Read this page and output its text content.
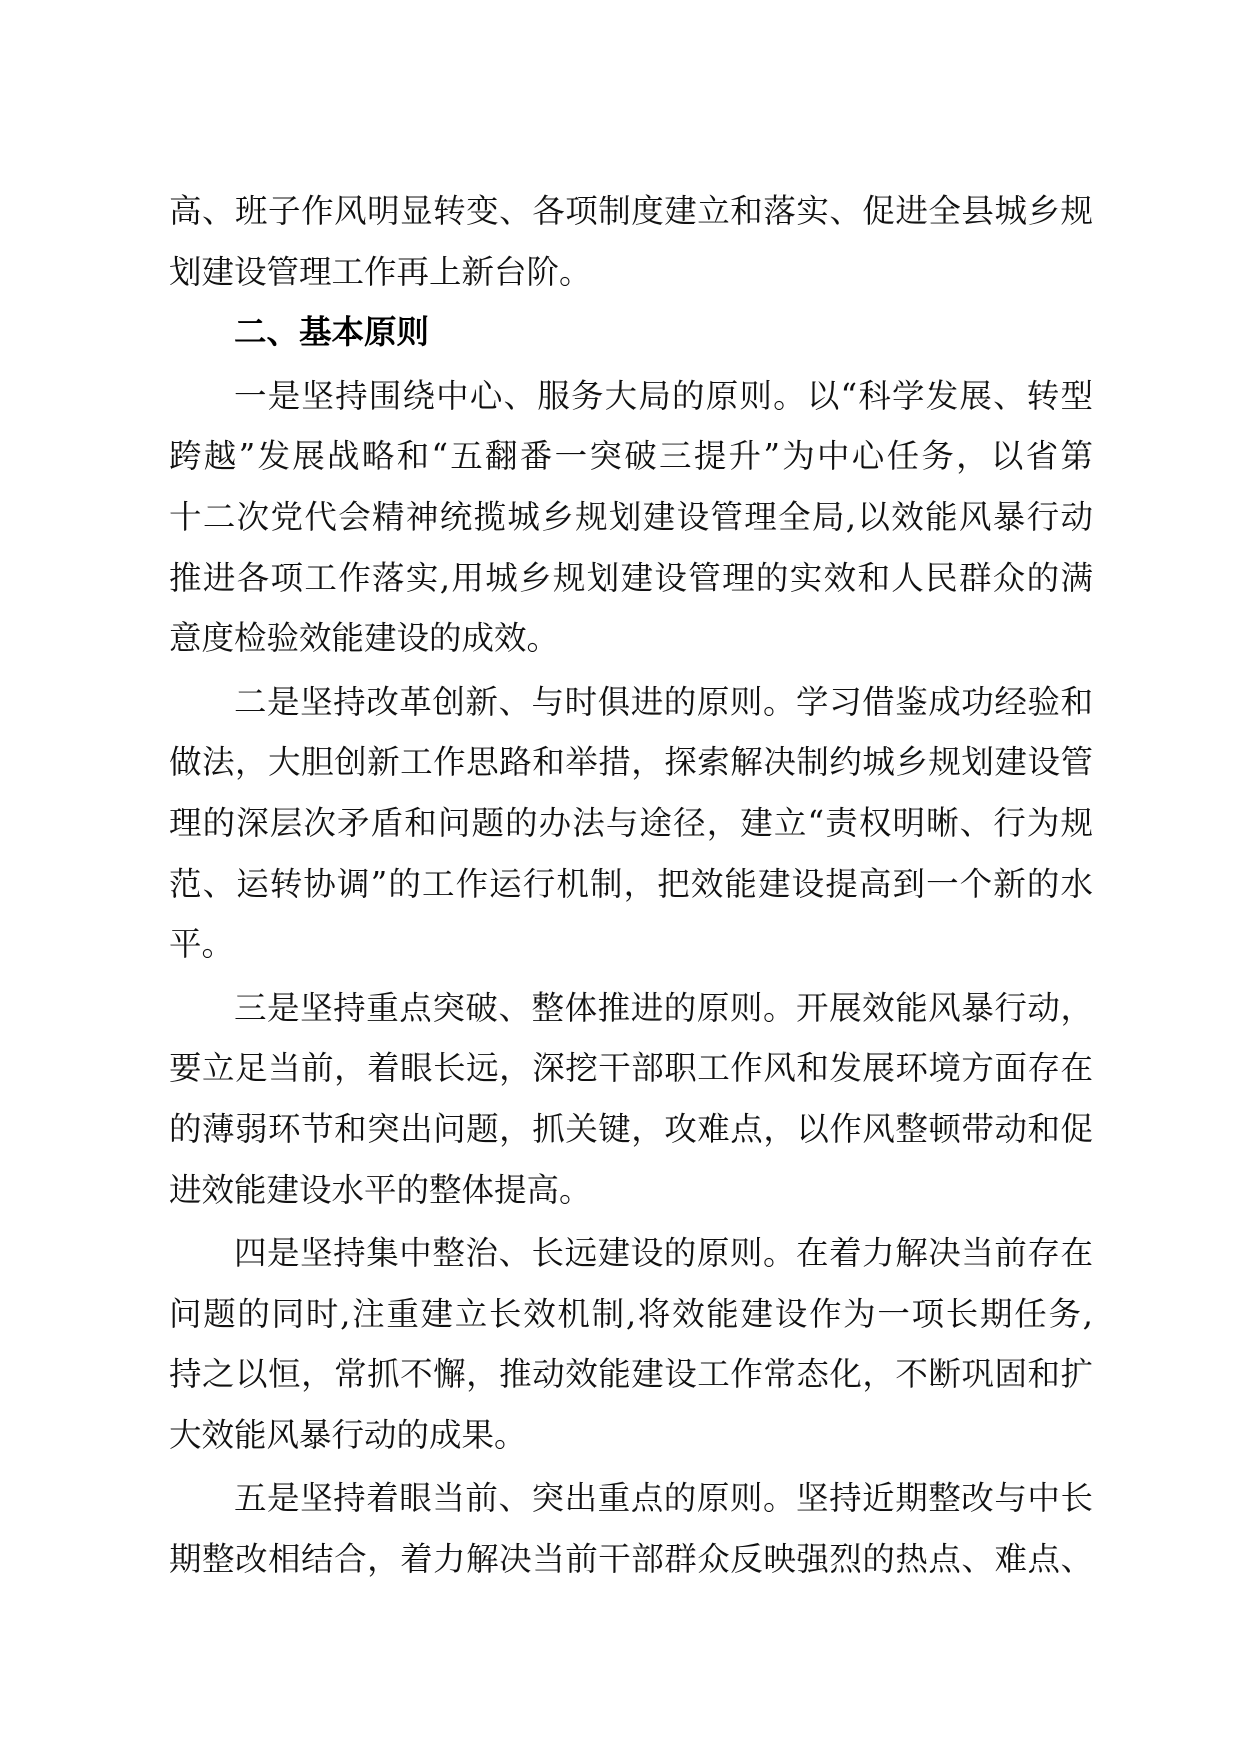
高、班子作风明显转变、各项制度建立和落实、促进全县城乡规
划建设管理工作再上新台阶。
二、基本原则
一是坚持围绕中心、服务大局的原则。以“科学发展、转型
跨越”发展战略和“五翻番一突破三提升”为中心任务，以省第
十二次党代会精神统揽城乡规划建设管理全局,以效能风暴行动
推进各项工作落实,用城乡规划建设管理的实效和人民群众的满
意度检验效能建设的成效。
二是坚持改革创新、与时俱进的原则。学习借鉴成功经验和
做法，大胆创新工作思路和举措，探索解决制约城乡规划建设管
理的深层次矛盾和问题的办法与途径，建立“责权明晰、行为规
范、运转协调”的工作运行机制，把效能建设提高到一个新的水
平。
三是坚持重点突破、整体推进的原则。开展效能风暴行动，
要立足当前，着眼长远，深挖干部职工作风和发展环境方面存在
的薄弱环节和突出问题，抓关键，攻难点，以作风整顿带动和促
进效能建设水平的整体提高。
四是坚持集中整治、长远建设的原则。在着力解决当前存在
问题的同时,注重建立长效机制,将效能建设作为一项长期任务,
持之以恒，常抓不懈，推动效能建设工作常态化，不断巩固和扩
大效能风暴行动的成果。
五是坚持着眼当前、突出重点的原则。坚持近期整改与中长
期整改相结合，着力解决当前干部群众反映强烈的热点、难点、
